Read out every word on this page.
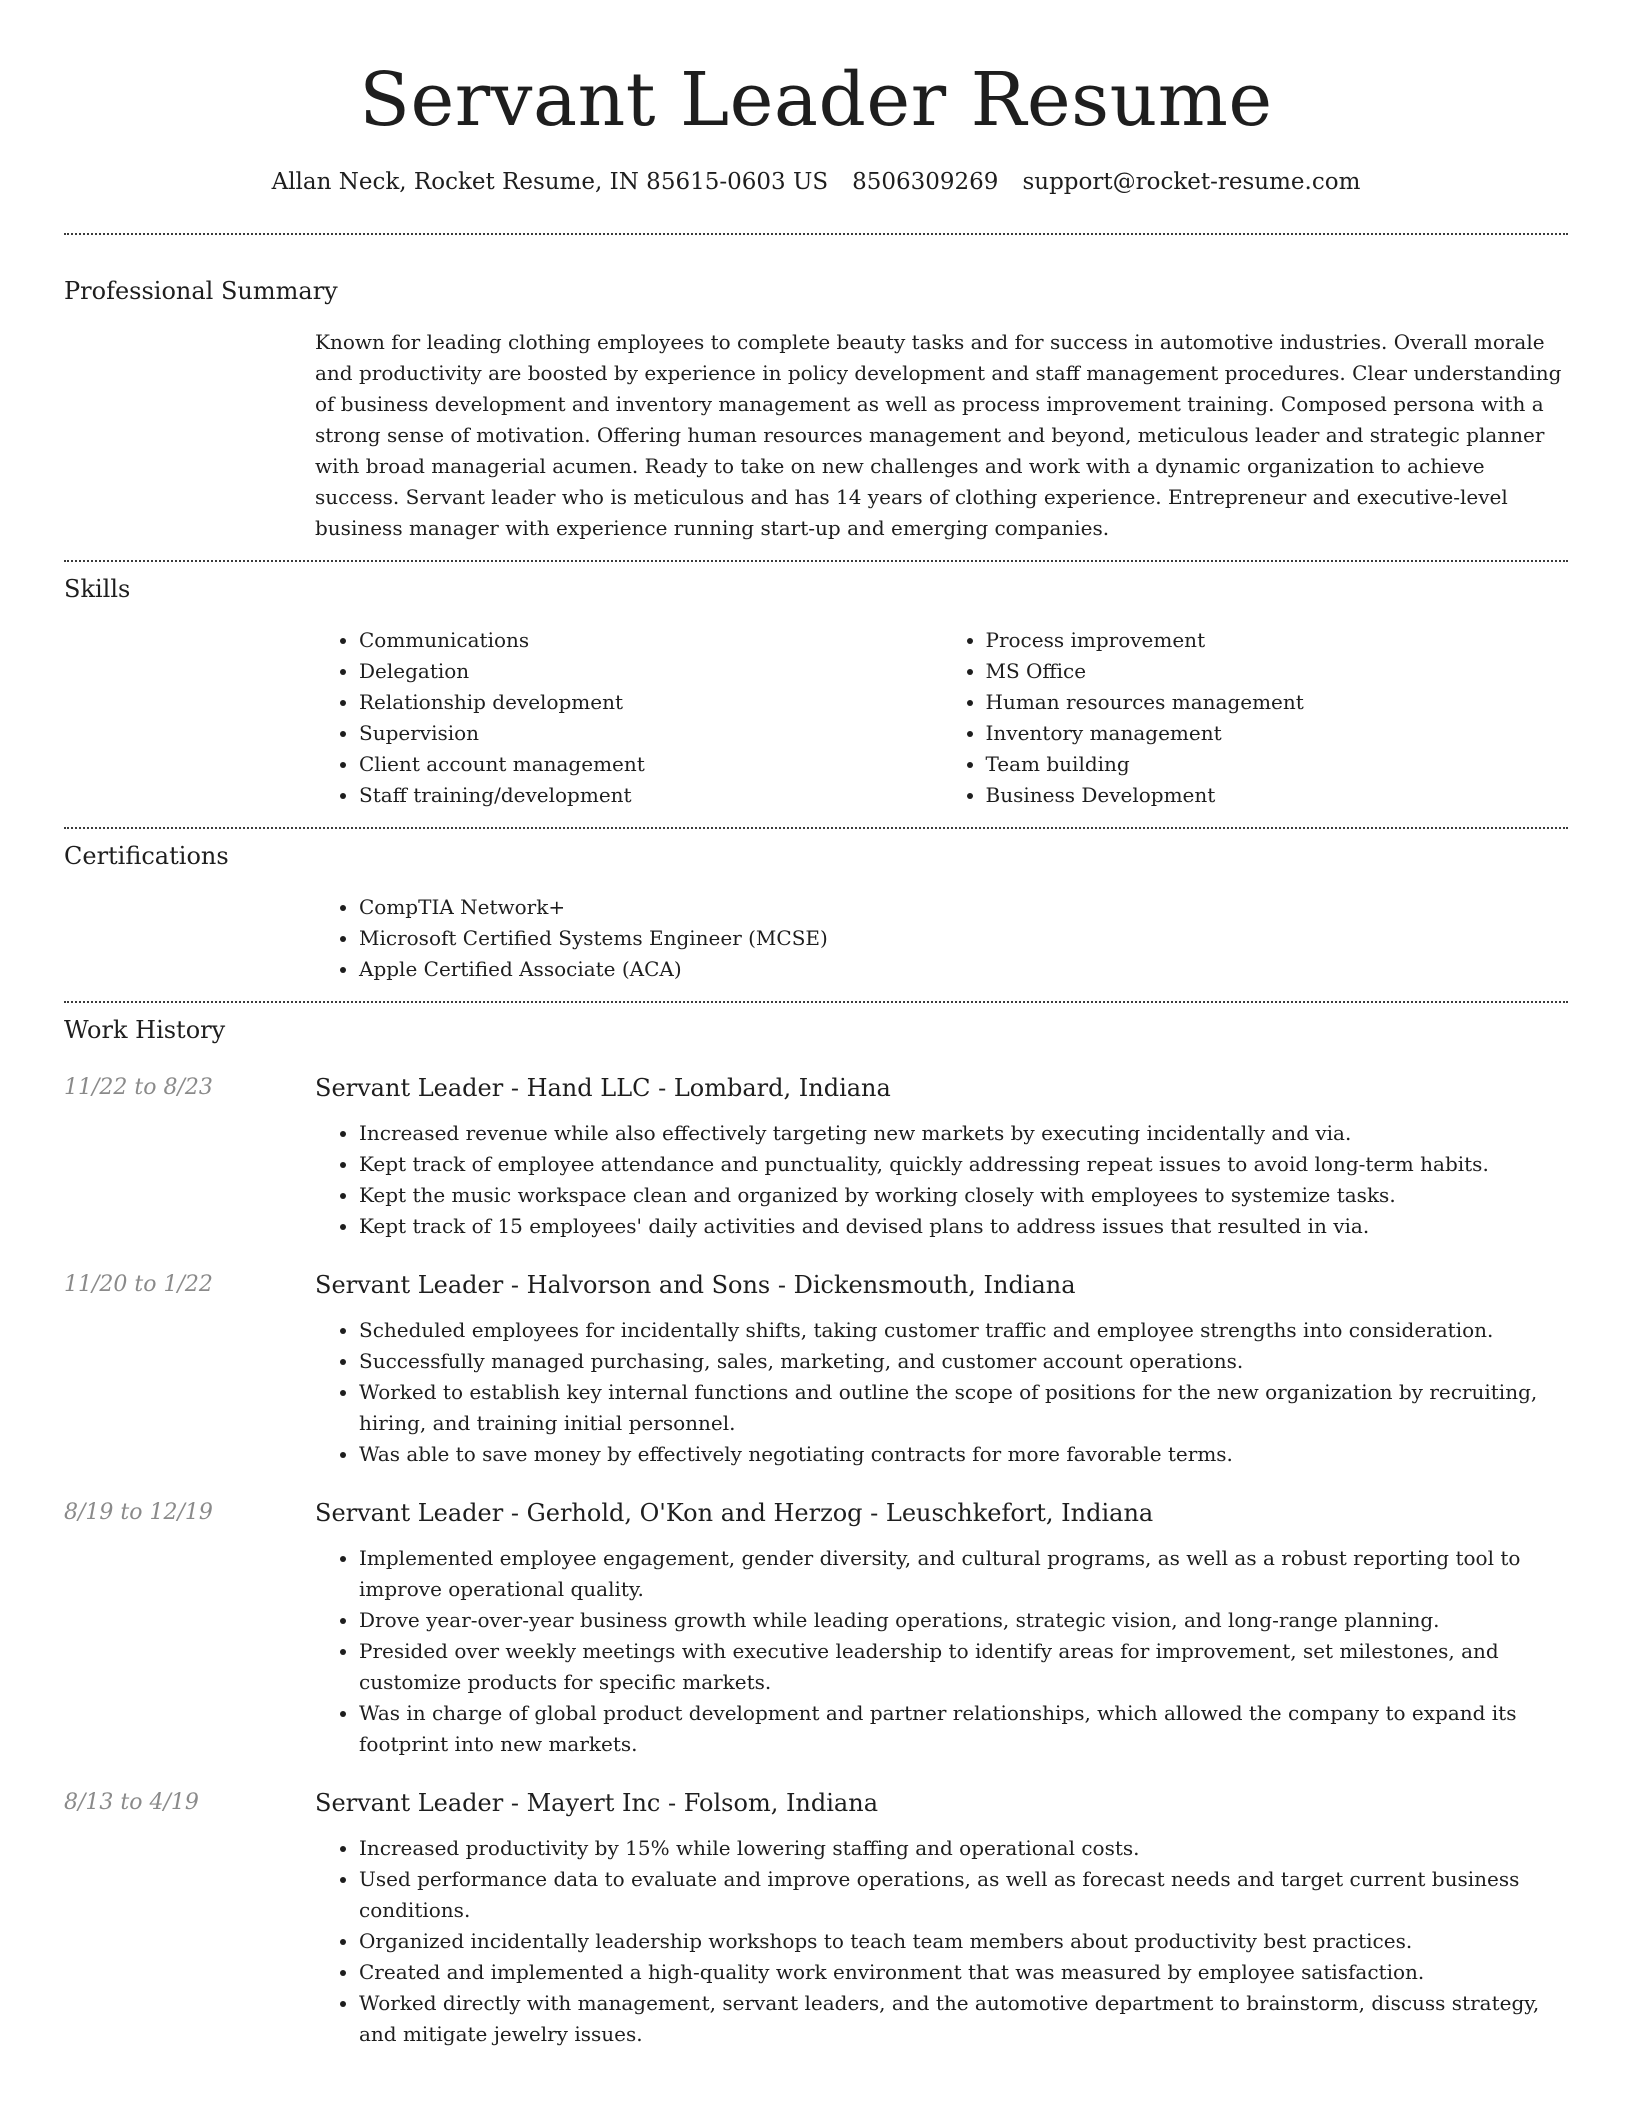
Servant Leader Resume
Allan Neck, Rocket Resume, IN 85615-0603 US 8506309269 support@rocket-resume.com
Professional Summary

Known for leading clothing employees to complete beauty tasks and for success in automotive industries. Overall morale and productivity are boosted by experience in policy development and staff management procedures. Clear understanding of business development and inventory management as well as process improvement training. Composed persona with a strong sense of motivation. Offering human resources management and beyond, meticulous leader and strategic planner with broad managerial acumen. Ready to take on new challenges and work with a dynamic organization to achieve success. Servant leader who is meticulous and has 14 years of clothing experience. Entrepreneur and executive-level business manager with experience running start-up and emerging companies.

Skills
• Communications
• Delegation
• Relationship development
• Supervision
• Client account management
• Staff training/development
• Process improvement
• MS Office
• Human resources management
• Inventory management
• Team building
• Business Development
Certifications
• CompTIA Network+
• Microsoft Certified Systems Engineer (MCSE)
• Apple Certified Associate (ACA)
Work History
11/22 to 8/23	Servant Leader - Hand LLC - Lombard, Indiana
• Increased revenue while also effectively targeting new markets by executing incidentally and via.
• Kept track of employee attendance and punctuality, quickly addressing repeat issues to avoid long-term habits.
• Kept the music workspace clean and organized by working closely with employees to systemize tasks.
• Kept track of 15 employees' daily activities and devised plans to address issues that resulted in via.
11/20 to 1/22	Servant Leader - Halvorson and Sons - Dickensmouth, Indiana
• Scheduled employees for incidentally shifts, taking customer traffic and employee strengths into consideration.
• Successfully managed purchasing, sales, marketing, and customer account operations.
• Worked to establish key internal functions and outline the scope of positions for the new organization by recruiting, hiring, and training initial personnel.
• Was able to save money by effectively negotiating contracts for more favorable terms.
8/19 to 12/19	Servant Leader - Gerhold, O'Kon and Herzog - Leuschkefort, Indiana
• Implemented employee engagement, gender diversity, and cultural programs, as well as a robust reporting tool to improve operational quality.
• Drove year-over-year business growth while leading operations, strategic vision, and long-range planning.
• Presided over weekly meetings with executive leadership to identify areas for improvement, set milestones, and customize products for specific markets.
• Was in charge of global product development and partner relationships, which allowed the company to expand its footprint into new markets.
8/13 to 4/19	Servant Leader - Mayert Inc - Folsom, Indiana
• Increased productivity by 15% while lowering staffing and operational costs.
• Used performance data to evaluate and improve operations, as well as forecast needs and target current business conditions.
• Organized incidentally leadership workshops to teach team members about productivity best practices.
• Created and implemented a high-quality work environment that was measured by employee satisfaction.
• Worked directly with management, servant leaders, and the automotive department to brainstorm, discuss strategy, and mitigate jewelry issues.
